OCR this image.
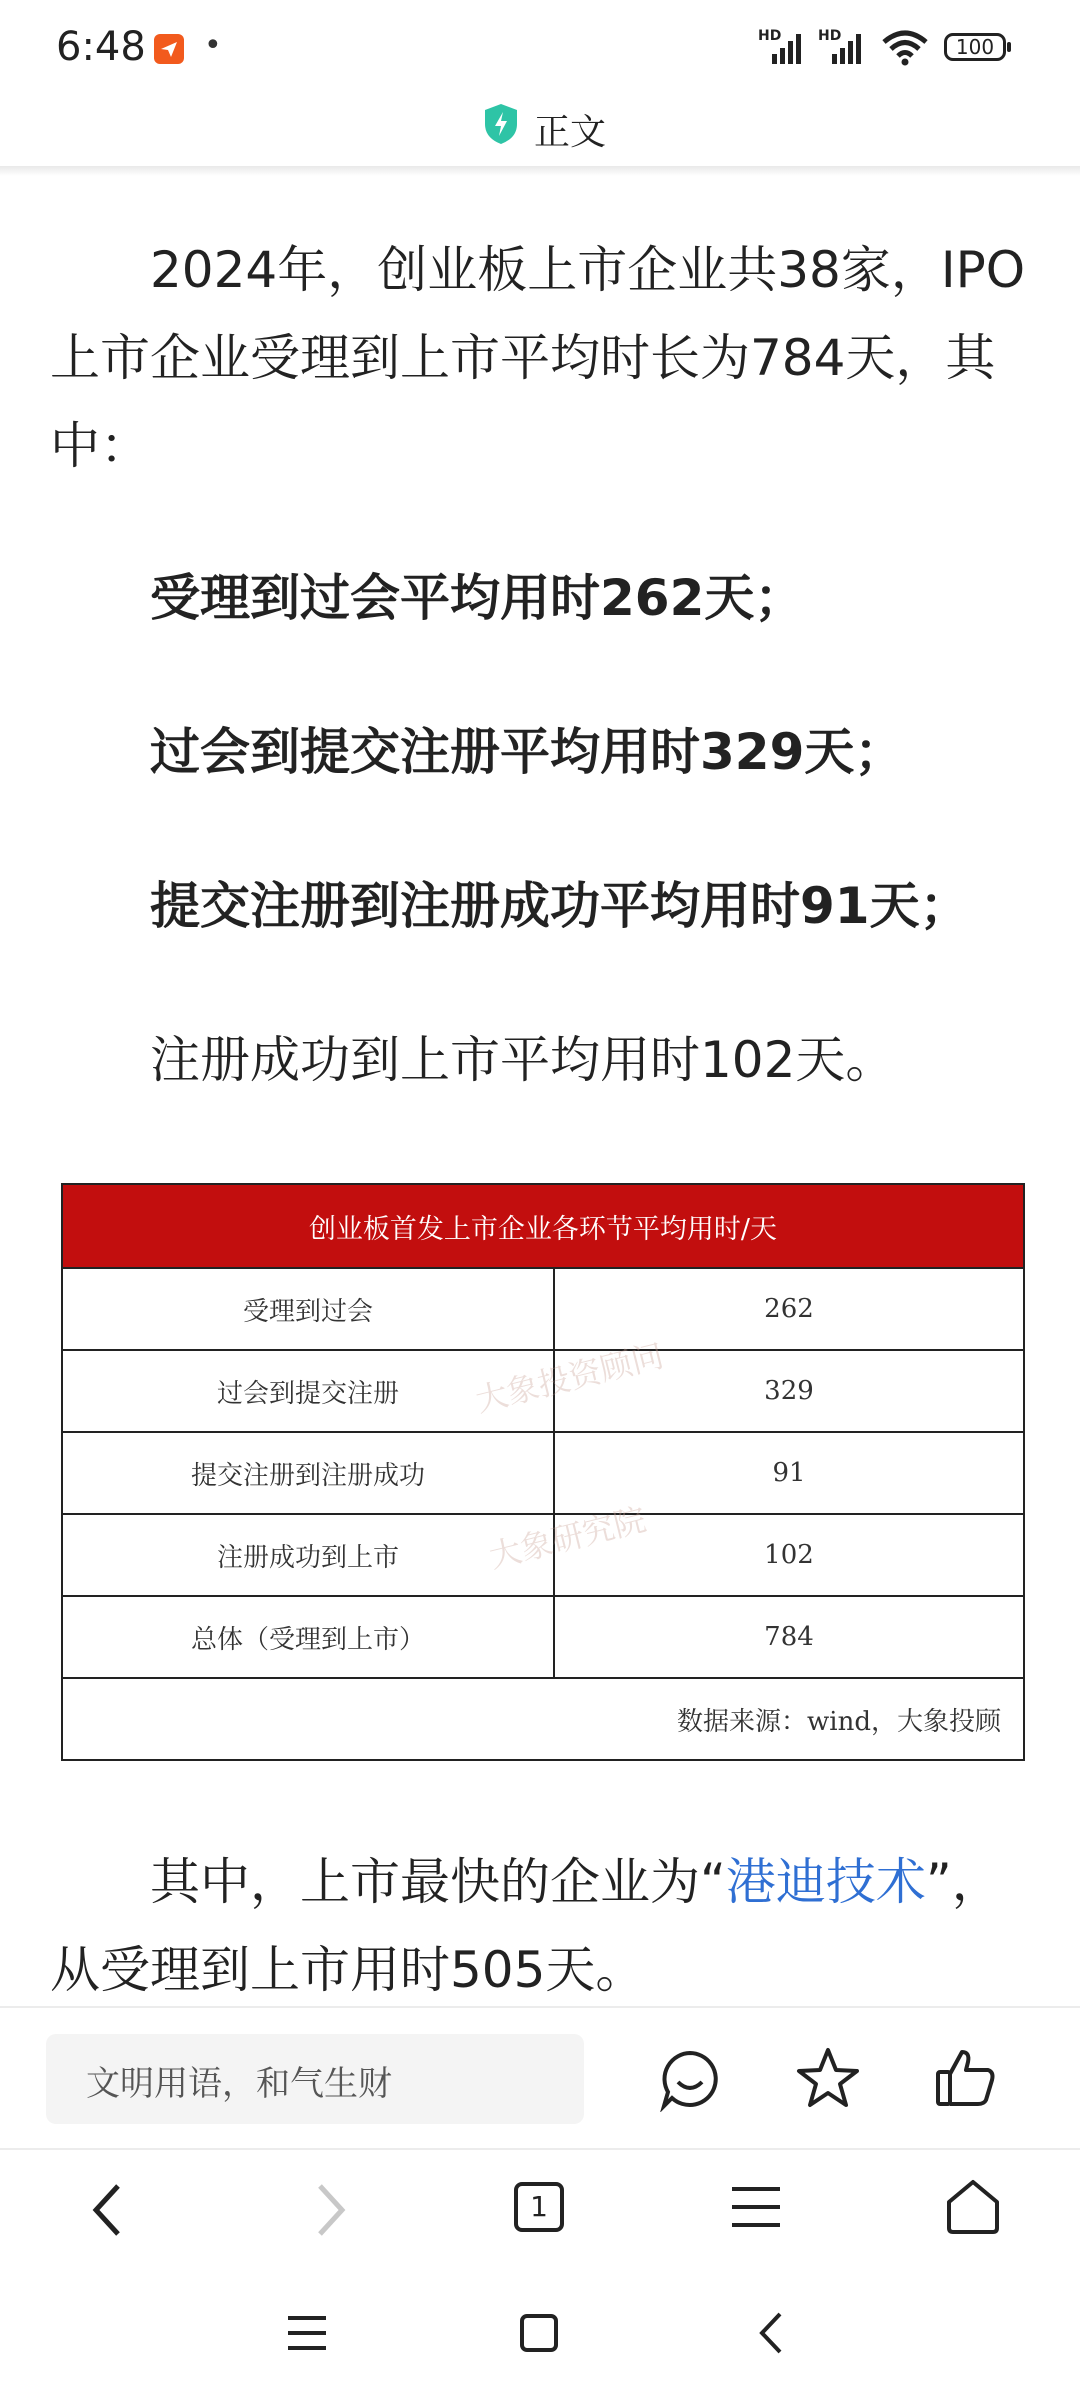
6:48 •	HD	HD	100
正文
2024年，创业板上市企业共38家，IPO上市企业受理到上市平均时长为784天，其中：
受理到过会平均用时262天；
过会到提交注册平均用时329天；
提交注册到注册成功平均用时91天；
注册成功到上市平均用时102天。
创业板首发上市企业各环节平均用时/天	
受理到过会	262
过会到提交注册	329
提交注册到注册成功	91
注册成功到上市	102
总体（受理到上市）	784
数据来源：wind，大象投顾	
大象投资顾问
大象研究院
其中，上市最快的企业为“港迪技术”，从受理到上市用时505天。
文明用语，和气生财
1
